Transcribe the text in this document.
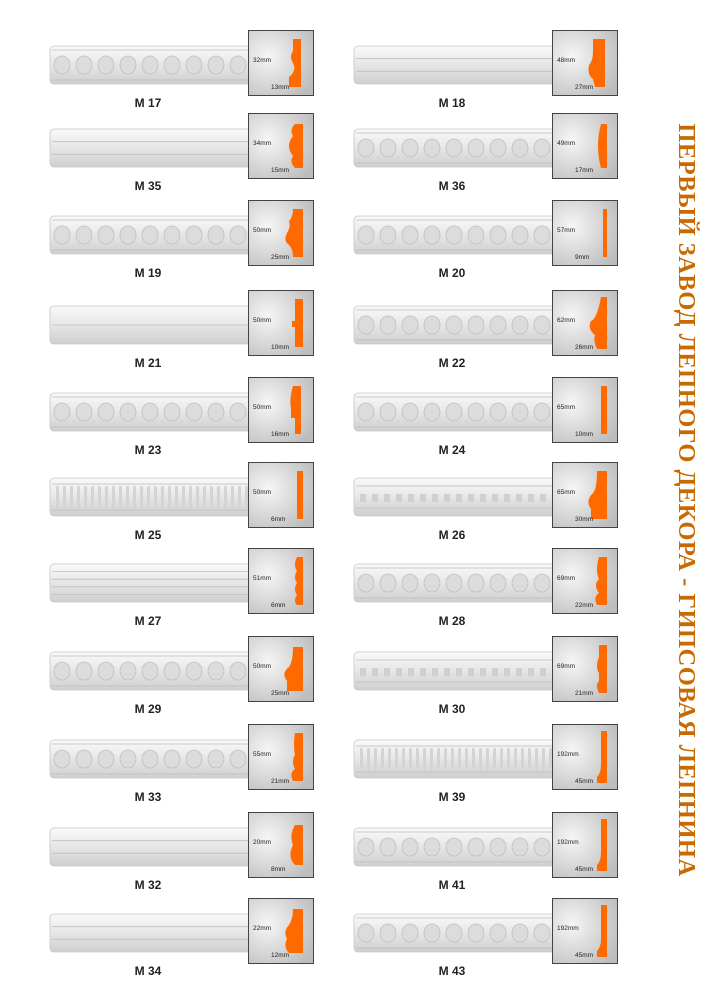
M 17
32mm
13mm
M 18
48mm
27mm
M 35
34mm
15mm
M 36
49mm
17mm
M 19
50mm
25mm
M 20
57mm
9mm
M 21
50mm
10mm
M 22
62mm
26mm
M 23
50mm
16mm
M 24
65mm
10mm
M 25
50mm
6mm
M 26
65mm
30mm
M 27
51mm
6mm
M 28
69mm
22mm
M 29
50mm
25mm
M 30
69mm
21mm
M 33
55mm
21mm
M 39
192mm
45mm
M 32
20mm
8mm
M 41
192mm
45mm
M 34
22mm
12mm
M 43
192mm
45mm
ПЕРВЫЙ ЗАВОД ЛЕПНОГО ДЕКОРА - ГИПСОВАЯ ЛЕПНИНА
